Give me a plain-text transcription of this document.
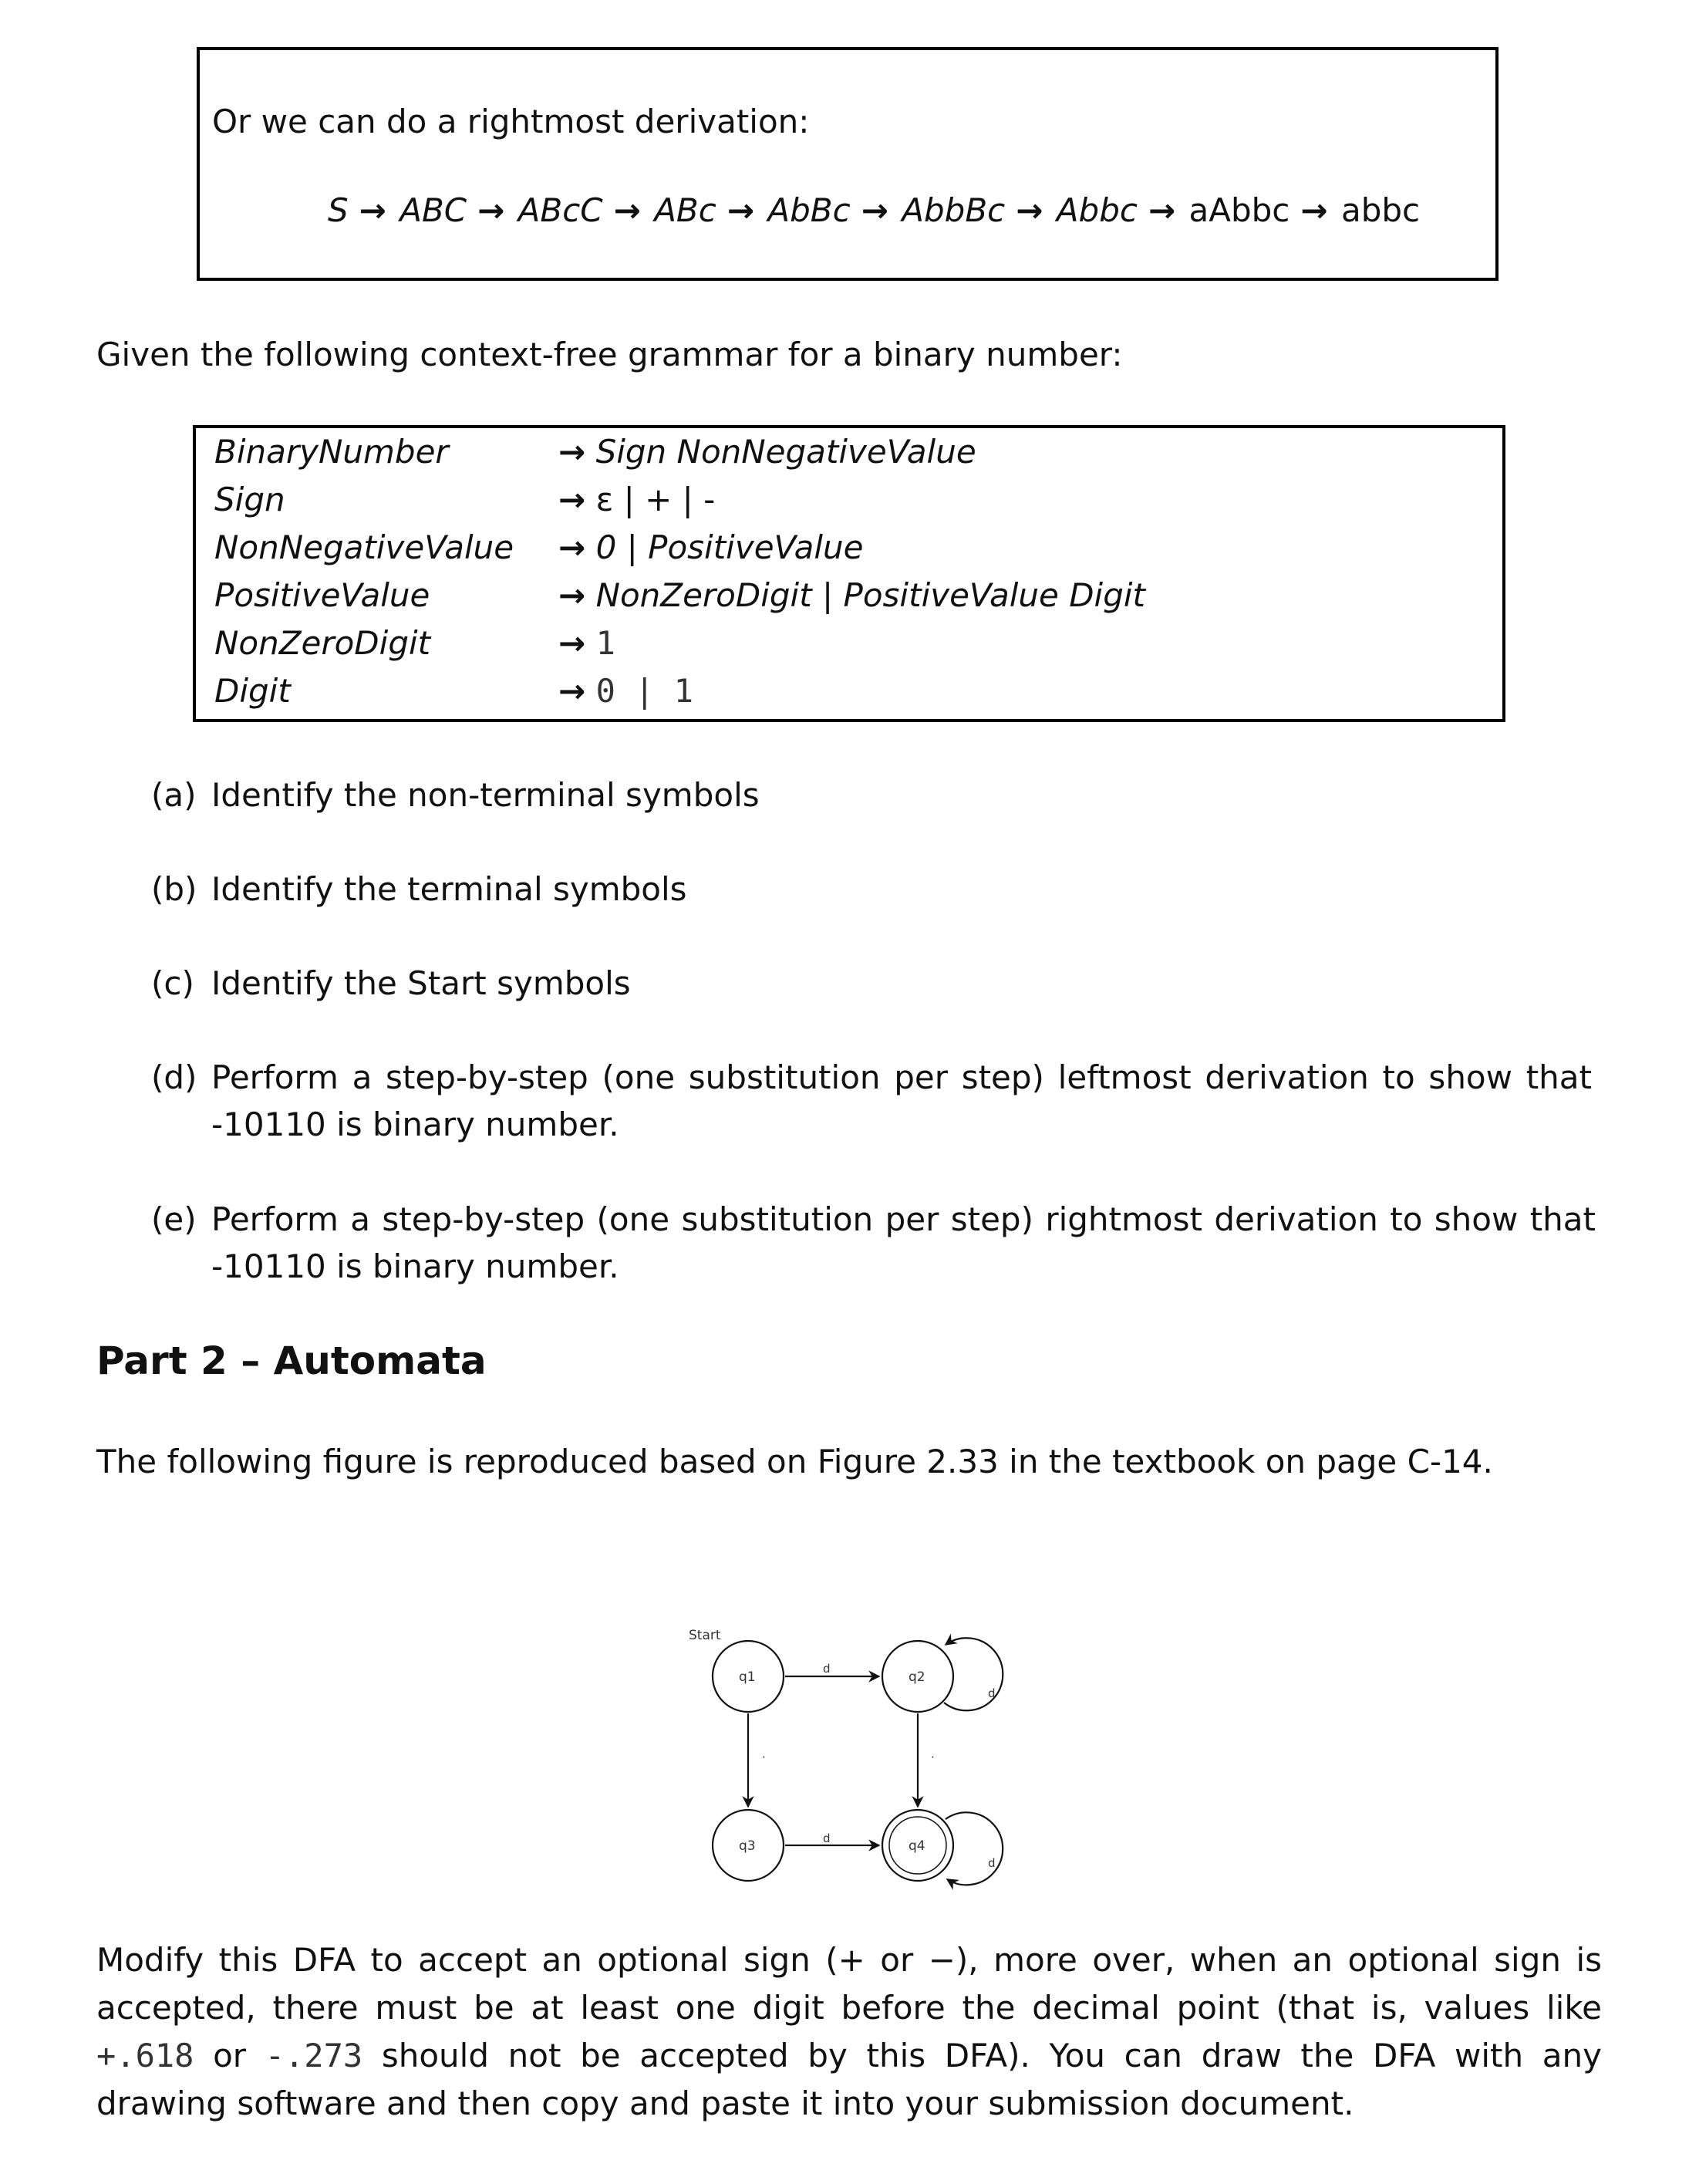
Or we can do a rightmost derivation:
S → ABC → ABcC → ABc → AbBc → AbbBc → Abbc → aAbbc → abbc
Given the following context-free grammar for a binary number:
BinaryNumber	→ Sign NonNegativeValue
Sign	→ ε | + | -
NonNegativeValue → 0 | PositiveValue
PositiveValue	→ NonZeroDigit | PositiveValue Digit
NonZeroDigit	→ 1
Digit	→ 0 | 1
(a) Identify the non-terminal symbols
(b) Identify the terminal symbols
(c) Identify the Start symbols
(d) Perform a step-by-step (one substitution per step) leftmost derivation to show that -10110 is binary number.
(e) Perform a step-by-step (one substitution per step) rightmost derivation to show that -10110 is binary number.
Part 2 – Automata
The following figure is reproduced based on Figure 2.33 in the textbook on page C-14.
Start
q1	q2
q3	q4
d
d
d
d
·	·
Modify this DFA to accept an optional sign (+ or −), more over, when an optional sign is accepted, there must be at least one digit before the decimal point (that is, values like +.618 or -.273 should not be accepted by this DFA). You can draw the DFA with any drawing software and then copy and paste it into your submission document.
